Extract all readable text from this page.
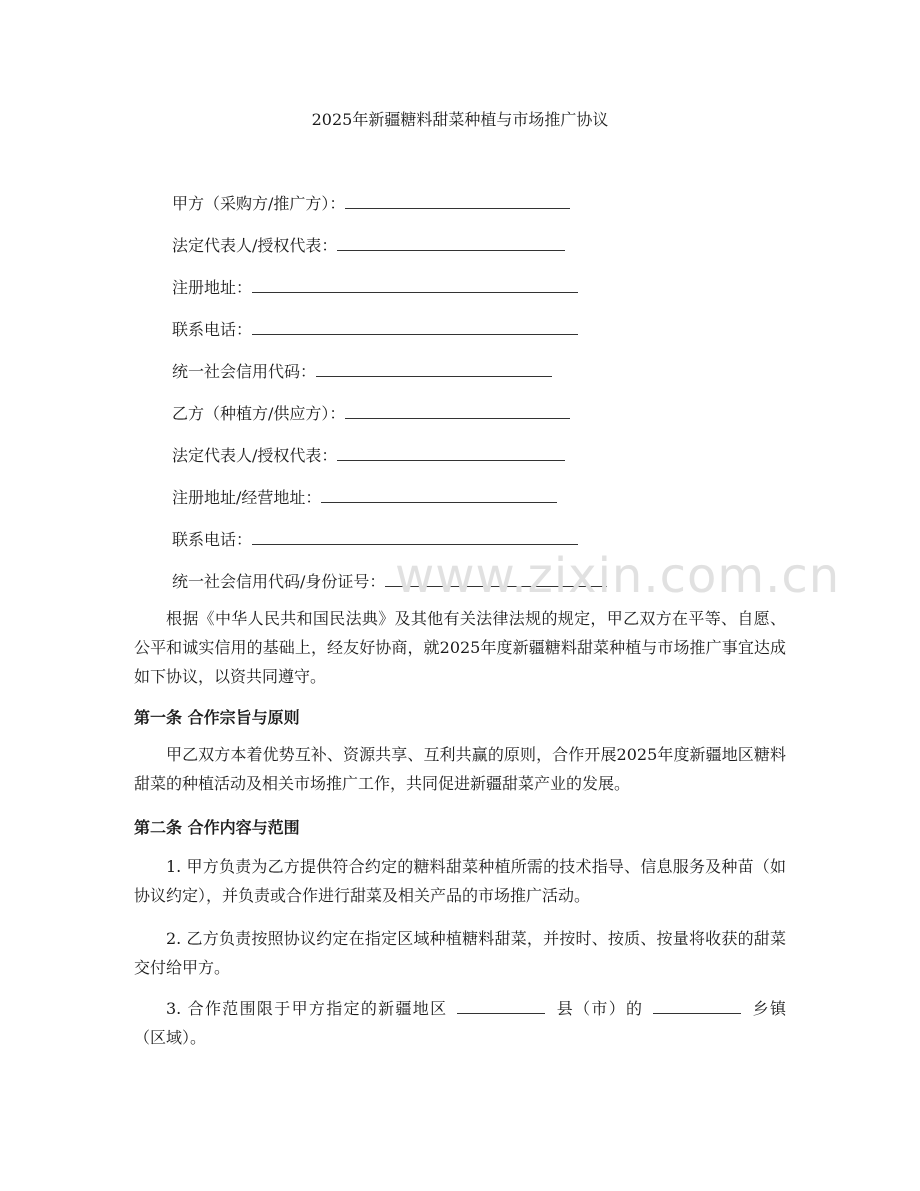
2025年新疆糖料甜菜种植与市场推广协议
甲方（采购方/推广方）：
法定代表人/授权代表：
注册地址：
联系电话：
统一社会信用代码：
乙方（种植方/供应方）：
法定代表人/授权代表：
注册地址/经营地址：
联系电话：
统一社会信用代码/身份证号： www.zixin.com.cn
根据《中华人民共和国民法典》及其他有关法律法规的规定，甲乙双方在平等、自愿、公平和诚实信用的基础上，经友好协商，就2025年度新疆糖料甜菜种植与市场推广事宜达成如下协议，以资共同遵守。
第一条 合作宗旨与原则
甲乙双方本着优势互补、资源共享、互利共赢的原则，合作开展2025年度新疆地区糖料甜菜的种植活动及相关市场推广工作，共同促进新疆甜菜产业的发展。
第二条 合作内容与范围
1. 甲方负责为乙方提供符合约定的糖料甜菜种植所需的技术指导、信息服务及种苗（如协议约定），并负责或合作进行甜菜及相关产品的市场推广活动。
2. 乙方负责按照协议约定在指定区域种植糖料甜菜，并按时、按质、按量将收获的甜菜交付给甲方。
3. 合作范围限于甲方指定的新疆地区	县（市）的	乡镇（区域）。
